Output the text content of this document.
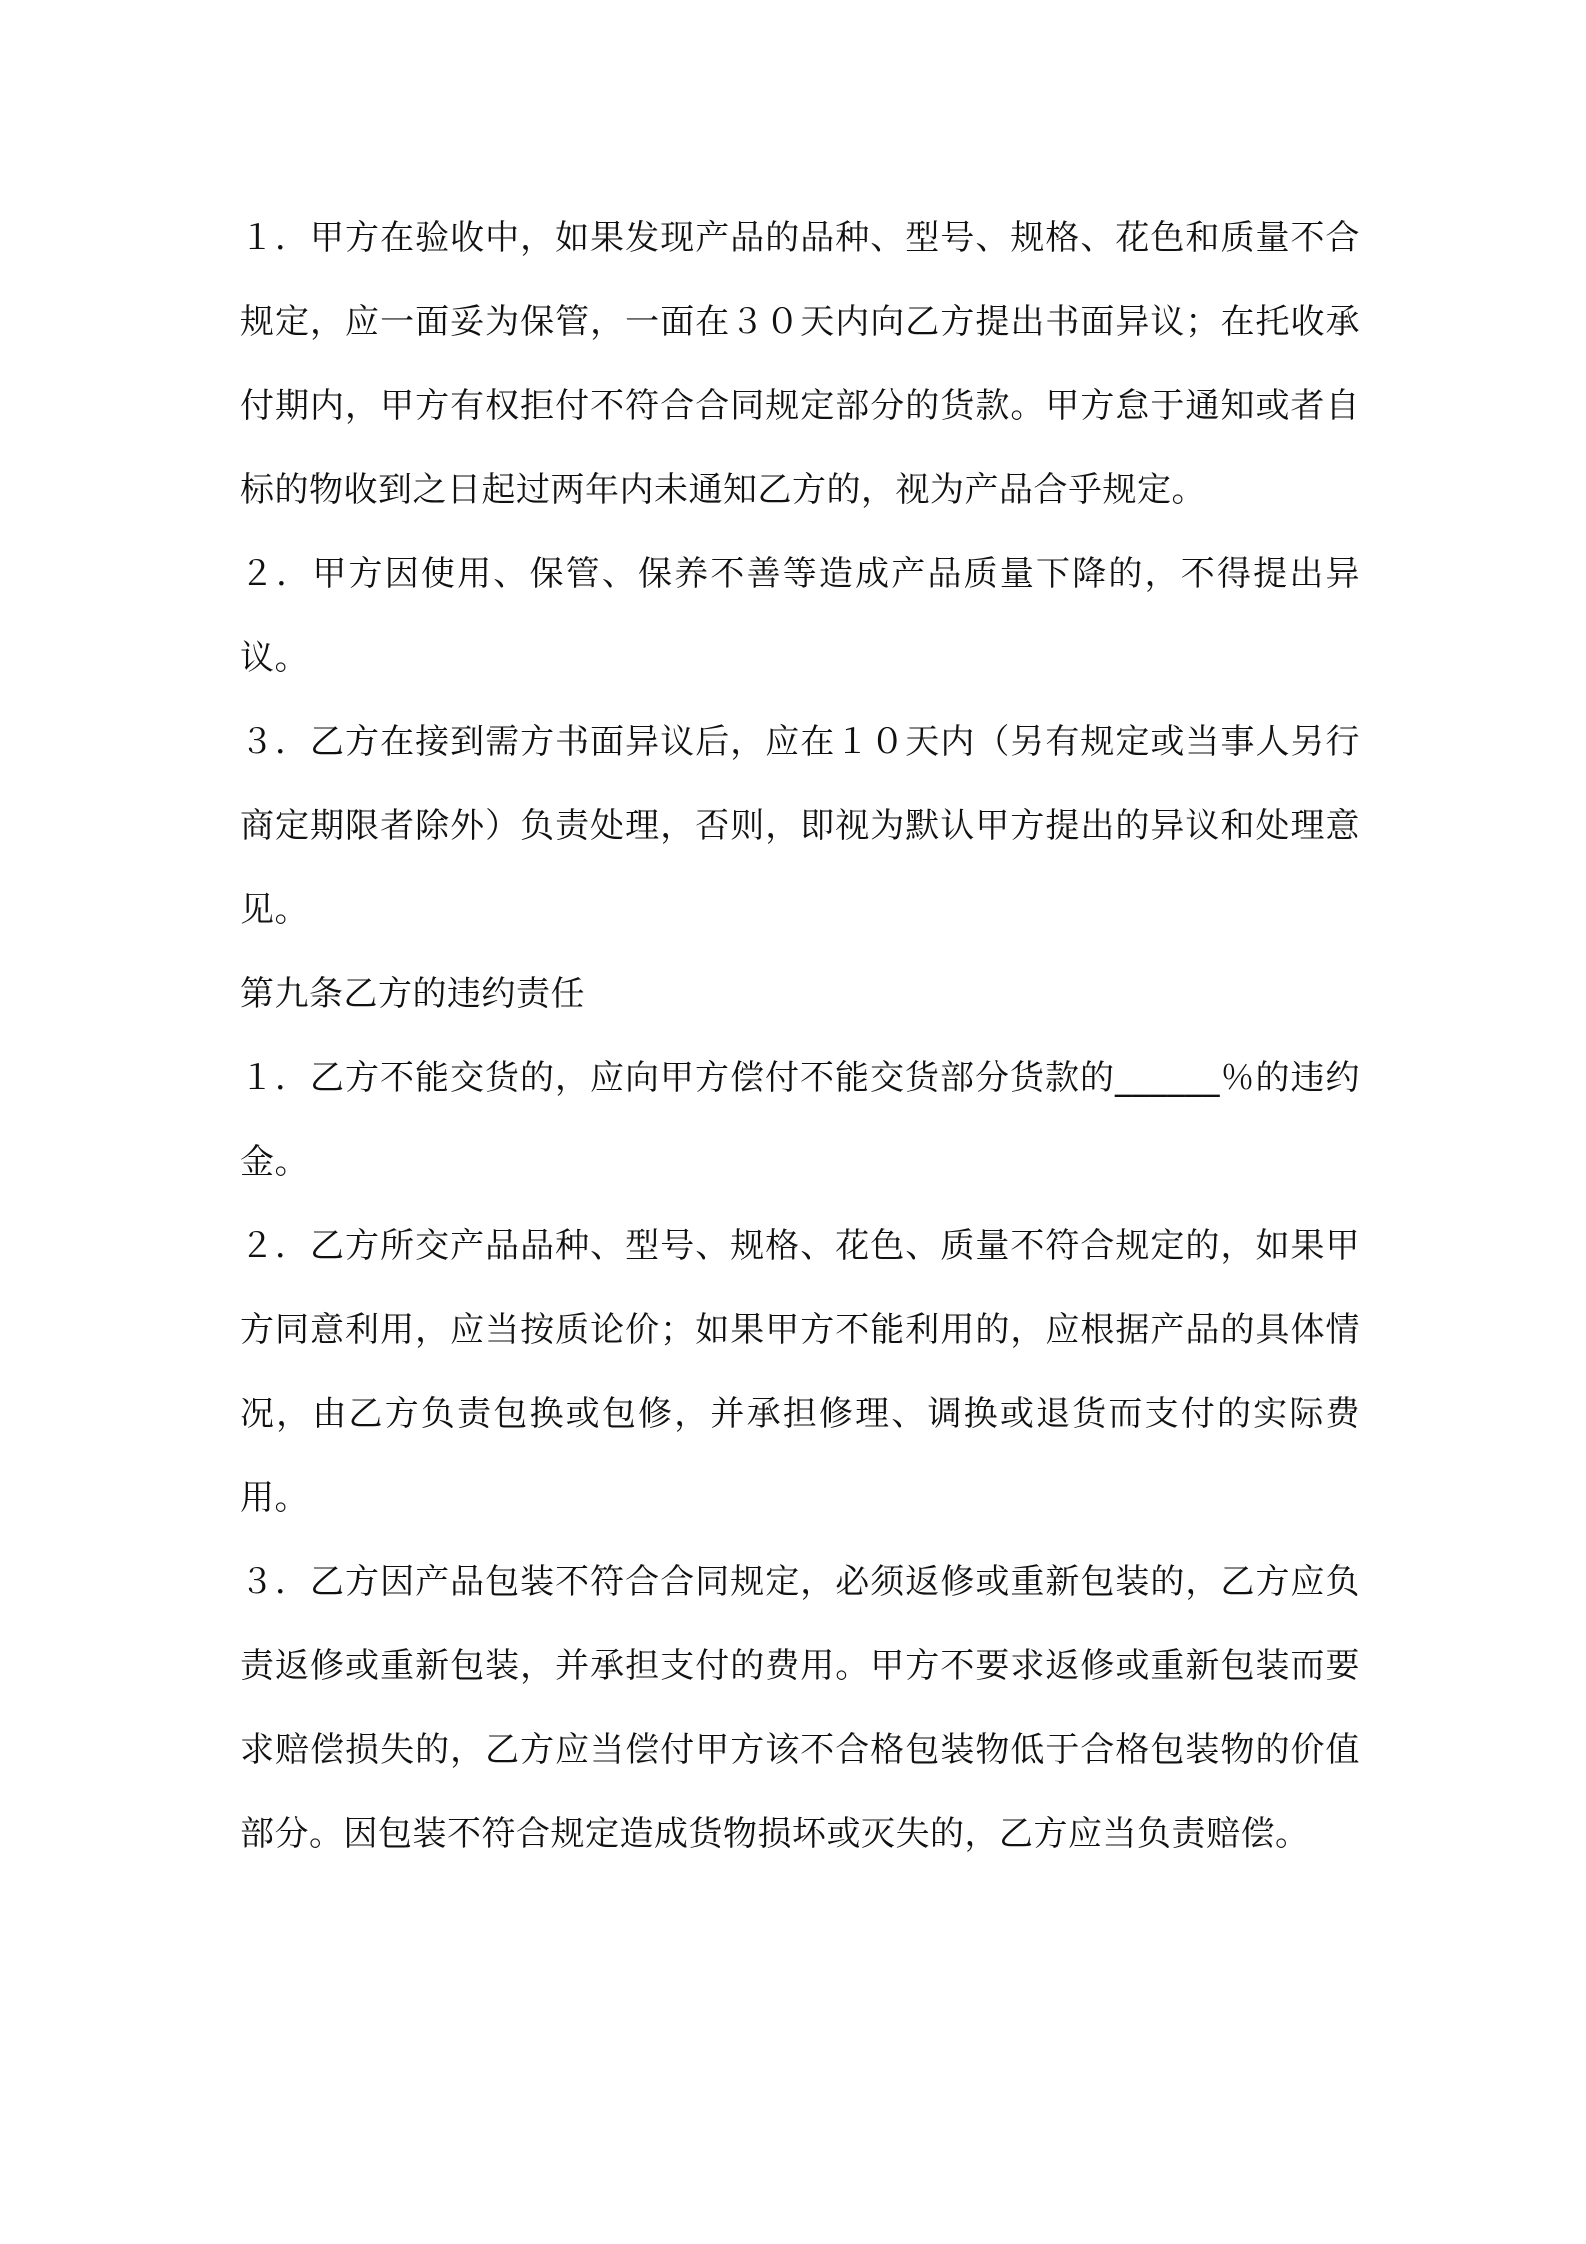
１．甲方在验收中，如果发现产品的品种、型号、规格、花色和质量不合规定，应一面妥为保管，一面在３０天内向乙方提出书面异议；在托收承付期内，甲方有权拒付不符合合同规定部分的货款。甲方怠于通知或者自标的物收到之日起过两年内未通知乙方的，视为产品合乎规定。

２．甲方因使用、保管、保养不善等造成产品质量下降的，不得提出异议。

３．乙方在接到需方书面异议后，应在１０天内（另有规定或当事人另行商定期限者除外）负责处理，否则，即视为默认甲方提出的异议和处理意见。

第九条乙方的违约责任

１．乙方不能交货的，应向甲方偿付不能交货部分货款的______％的违约金。

２．乙方所交产品品种、型号、规格、花色、质量不符合规定的，如果甲方同意利用，应当按质论价；如果甲方不能利用的，应根据产品的具体情况，由乙方负责包换或包修，并承担修理、调换或退货而支付的实际费用。

３．乙方因产品包装不符合合同规定，必须返修或重新包装的，乙方应负责返修或重新包装，并承担支付的费用。甲方不要求返修或重新包装而要求赔偿损失的，乙方应当偿付甲方该不合格包装物低于合格包装物的价值部分。因包装不符合规定造成货物损坏或灭失的，乙方应当负责赔偿。
